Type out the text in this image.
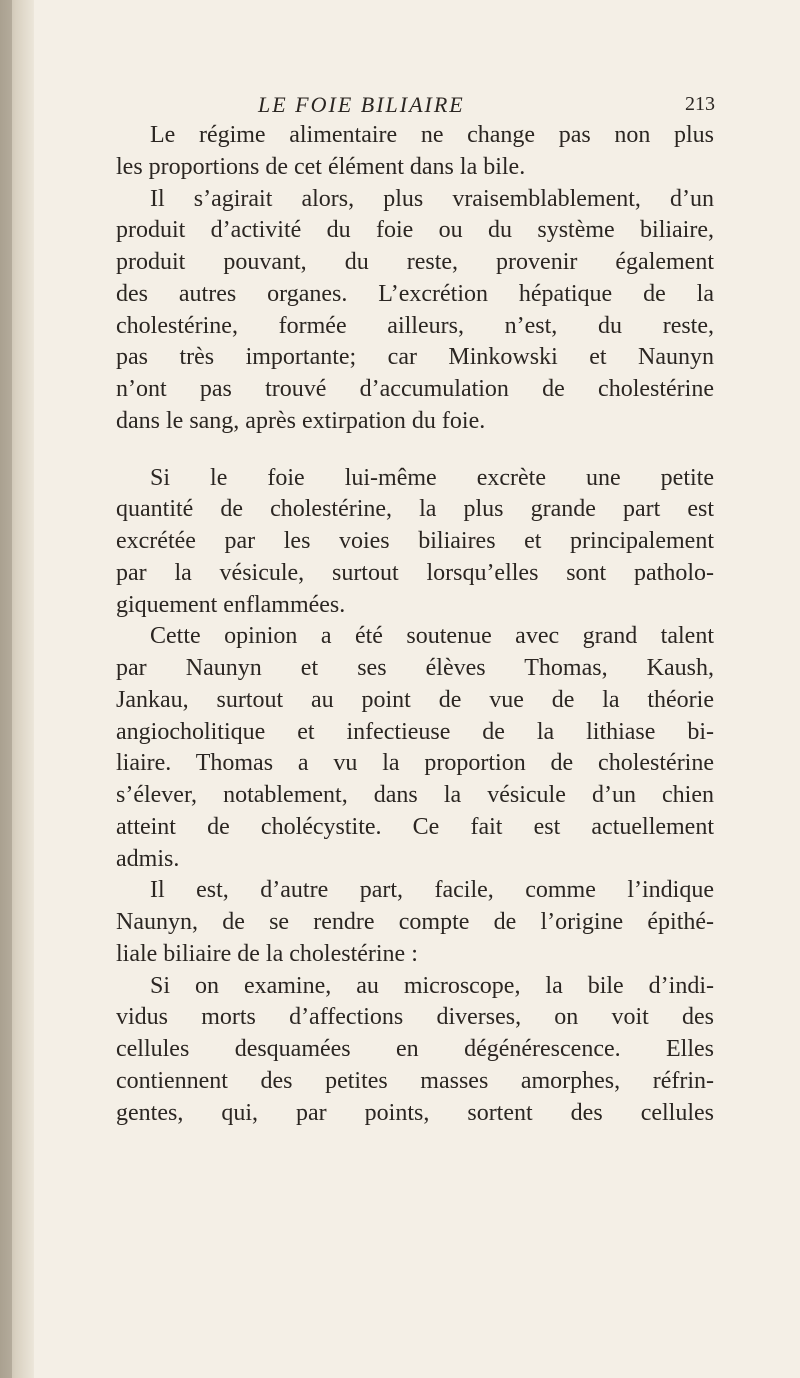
LE FOIE BILIAIRE	213
Le régime alimentaire ne change pas non plus
les proportions de cet élément dans la bile.
Il s’agirait alors, plus vraisemblablement, d’un
produit d’activité du foie ou du système biliaire,
produit pouvant, du reste, provenir également
des autres organes. L’excrétion hépatique de la
cholestérine, formée ailleurs, n’est, du reste,
pas très importante; car Minkowski et Naunyn
n’ont pas trouvé d’accumulation de cholestérine
dans le sang, après extirpation du foie.
Si le foie lui-même excrète une petite
quantité de cholestérine, la plus grande part est
excrétée par les voies biliaires et principalement
par la vésicule, surtout lorsqu’elles sont patholo-
giquement enflammées.
Cette opinion a été soutenue avec grand talent
par Naunyn et ses élèves Thomas, Kaush,
Jankau, surtout au point de vue de la théorie
angiocholitique et infectieuse de la lithiase bi-
liaire. Thomas a vu la proportion de cholestérine
s’élever, notablement, dans la vésicule d’un chien
atteint de cholécystite. Ce fait est actuellement
admis.
Il est, d’autre part, facile, comme l’indique
Naunyn, de se rendre compte de l’origine épithé-
liale biliaire de la cholestérine :
Si on examine, au microscope, la bile d’indi-
vidus morts d’affections diverses, on voit des
cellules desquamées en dégénérescence. Elles
contiennent des petites masses amorphes, réfrin-
gentes, qui, par points, sortent des cellules
